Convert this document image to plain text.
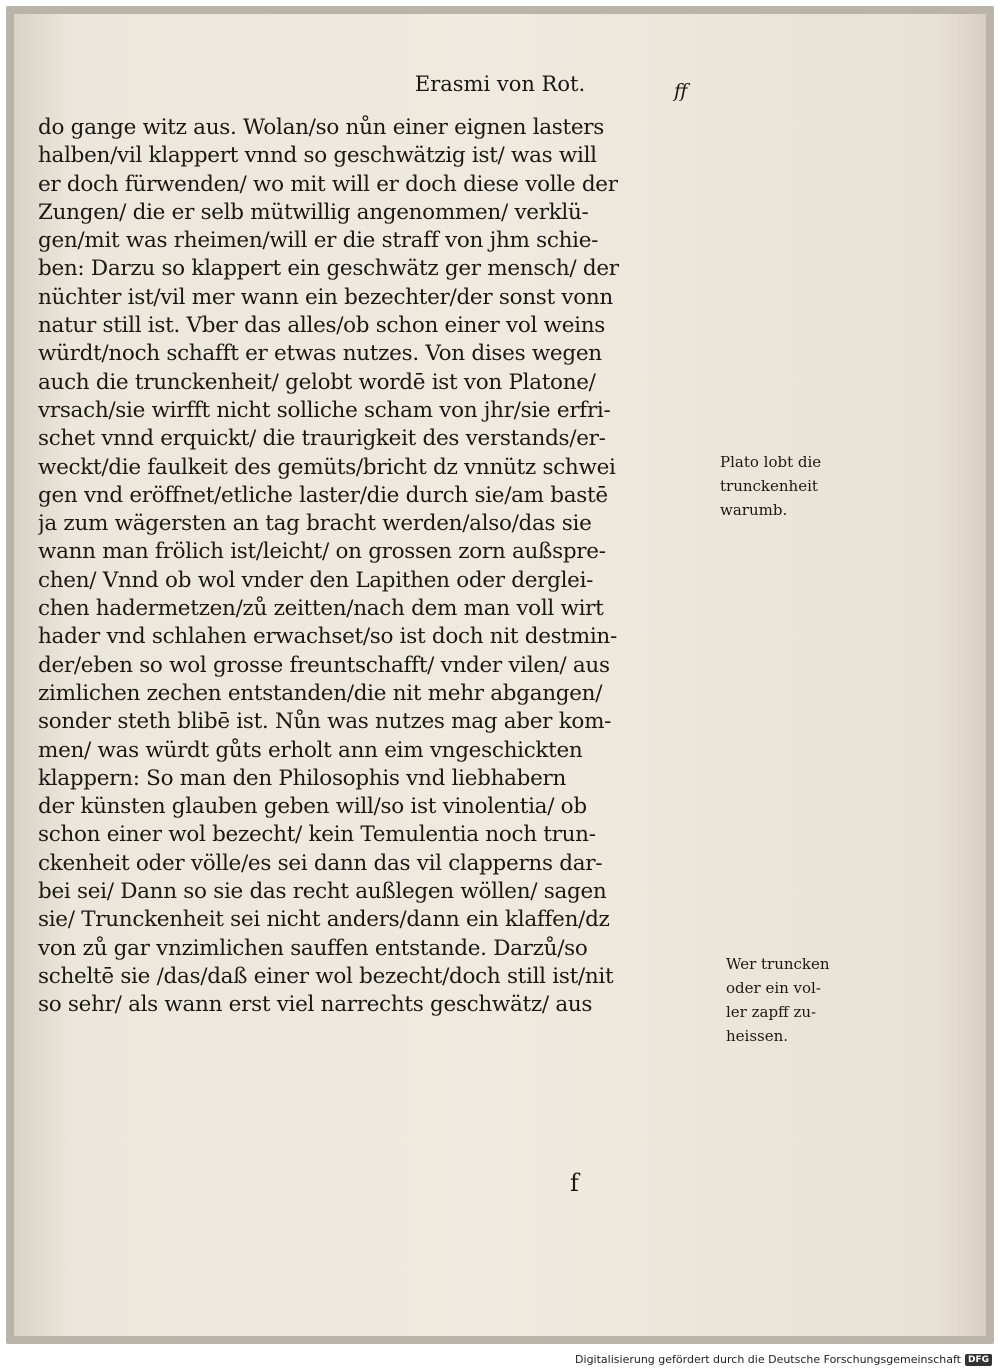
Erasmi von Rot.	ff
do gange witz aus. Wolan/so nůn einer eignen lasters
halben/vil klappert vnnd so geschwätzig ist/ was will
er doch fürwenden/ wo mit will er doch diese volle der
Zungen/ die er selb mütwillig angenommen/ verklü-
gen/mit was rheimen/will er die straff von jhm schie-
ben: Darzu so klappert ein geschwätz ger mensch/ der
nüchter ist/vil mer wann ein bezechter/der sonst vonn
natur still ist. Vber das alles/ob schon einer vol weins
würdt/noch schafft er etwas nutzes. Von dises wegen
auch die trunckenheit/ gelobt wordē ist von Platone/
vrsach/sie wirfft nicht solliche scham von jhr/sie erfri-
schet vnnd erquickt/ die traurigkeit des verstands/er-
weckt/die faulkeit des gemüts/bricht dz vnnütz schwei
gen vnd eröffnet/etliche laster/die durch sie/am bastē
ja zum wägersten an tag bracht werden/also/das sie
wann man frölich ist/leicht/ on grossen zorn außspre-
chen/ Vnnd ob wol vnder den Lapithen oder derglei-
chen hadermetzen/zů zeitten/nach dem man voll wirt
hader vnd schlahen erwachset/so ist doch nit destmin-
der/eben so wol grosse freuntschafft/ vnder vilen/ aus
zimlichen zechen entstanden/die nit mehr abgangen/
sonder steth blibē ist. Nůn was nutzes mag aber kom-
men/ was würdt gůts erholt ann eim vngeschickten
klappern: So man den Philosophis vnd liebhabern
der künsten glauben geben will/so ist vinolentia/ ob
schon einer wol bezecht/ kein Temulentia noch trun-
ckenheit oder völle/es sei dann das vil clapperns dar-
bei sei/ Dann so sie das recht außlegen wöllen/ sagen
sie/ Trunckenheit sei nicht anders/dann ein klaffen/dz
von zů gar vnzimlichen sauffen entstande. Darzů/so
scheltē sie /das/daß einer wol bezecht/doch still ist/nit
so sehr/ als wann erst viel narrechts geschwätz/ aus
Plato lobt die
trunckenheit
warumb.
Wer truncken
oder ein vol-
ler zapff zu-
heissen.
f
Digitalisierung gefördert durch die Deutsche Forschungsgemeinschaft DFG
